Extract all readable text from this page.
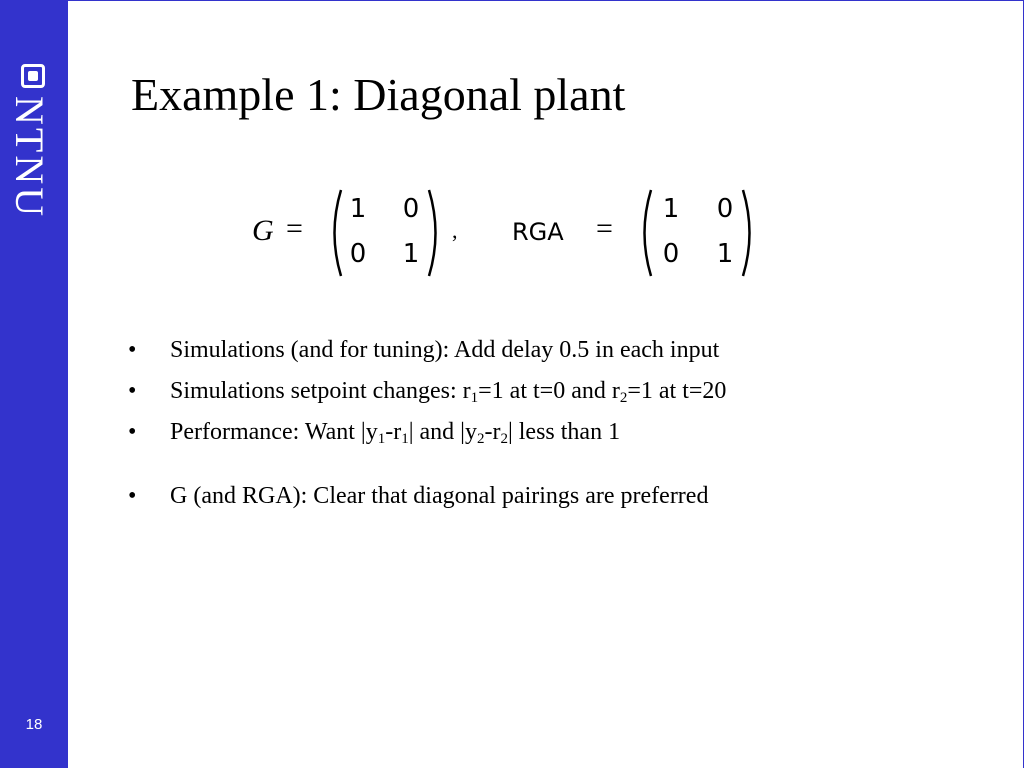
NTNU
18
Example 1: Diagonal plant
G =
1 0
0 1
, RGA =
1 0
0 1
•	Simulations (and for tuning): Add delay 0.5 in each input
•	Simulations setpoint changes: $r_1=1$ at t=0 and $r_2=1$ at t=20
•	Performance: Want $|y_1-r_1|$ and $|y_2-r_2|$ less than 1
•	G (and RGA): Clear that diagonal pairings are preferred
